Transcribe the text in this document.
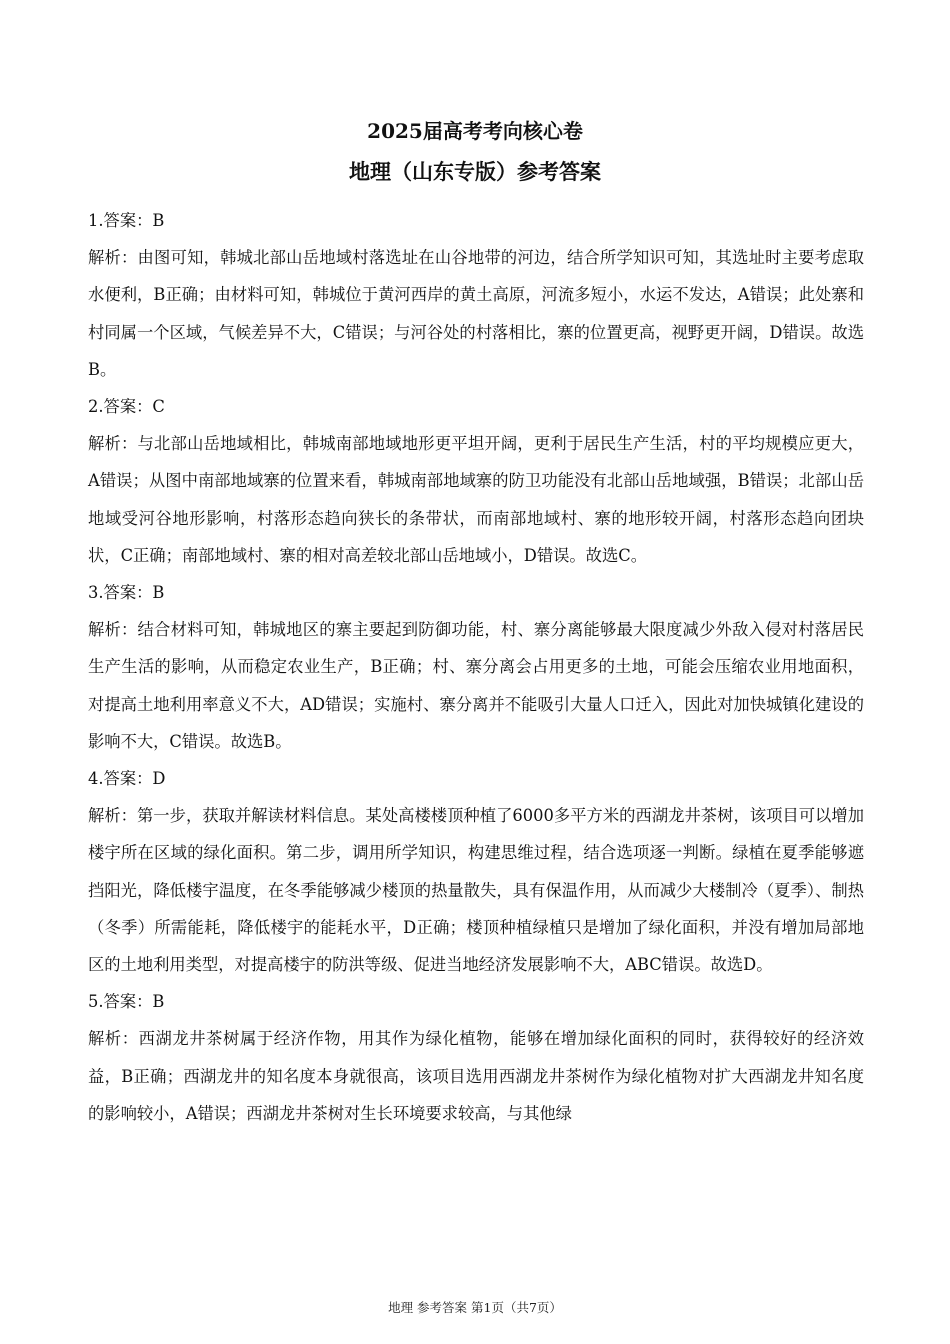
2025届高考考向核心卷
地理（山东专版）参考答案

1.答案：B

解析：由图可知，韩城北部山岳地域村落选址在山谷地带的河边，结合所学知识可知，其选址时主要考虑取水便利，B正确；由材料可知，韩城位于黄河西岸的黄土高原，河流多短小，水运不发达，A错误；此处寨和村同属一个区域，气候差异不大，C错误；与河谷处的村落相比，寨的位置更高，视野更开阔，D错误。故选B。

2.答案：C

解析：与北部山岳地域相比，韩城南部地域地形更平坦开阔，更利于居民生产生活，村的平均规模应更大，A错误；从图中南部地域寨的位置来看，韩城南部地域寨的防卫功能没有北部山岳地域强，B错误；北部山岳地域受河谷地形影响，村落形态趋向狭长的条带状，而南部地域村、寨的地形较开阔，村落形态趋向团块状，C正确；南部地域村、寨的相对高差较北部山岳地域小，D错误。故选C。

3.答案：B

解析：结合材料可知，韩城地区的寨主要起到防御功能，村、寨分离能够最大限度减少外敌入侵对村落居民生产生活的影响，从而稳定农业生产，B正确；村、寨分离会占用更多的土地，可能会压缩农业用地面积，对提高土地利用率意义不大，AD错误；实施村、寨分离并不能吸引大量人口迁入，因此对加快城镇化建设的影响不大，C错误。故选B。

4.答案：D

解析：第一步，获取并解读材料信息。某处高楼楼顶种植了6000多平方米的西湖龙井茶树，该项目可以增加楼宇所在区域的绿化面积。第二步，调用所学知识，构建思维过程，结合选项逐一判断。绿植在夏季能够遮挡阳光，降低楼宇温度，在冬季能够减少楼顶的热量散失，具有保温作用，从而减少大楼制冷（夏季）、制热（冬季）所需能耗，降低楼宇的能耗水平，D正确；楼顶种植绿植只是增加了绿化面积，并没有增加局部地区的土地利用类型，对提高楼宇的防洪等级、促进当地经济发展影响不大，ABC错误。故选D。

5.答案：B

解析：西湖龙井茶树属于经济作物，用其作为绿化植物，能够在增加绿化面积的同时，获得较好的经济效益，B正确；西湖龙井的知名度本身就很高，该项目选用西湖龙井茶树作为绿化植物对扩大西湖龙井知名度的影响较小，A错误；西湖龙井茶树对生长环境要求较高，与其他绿

地理 参考答案 第1页（共7页）
